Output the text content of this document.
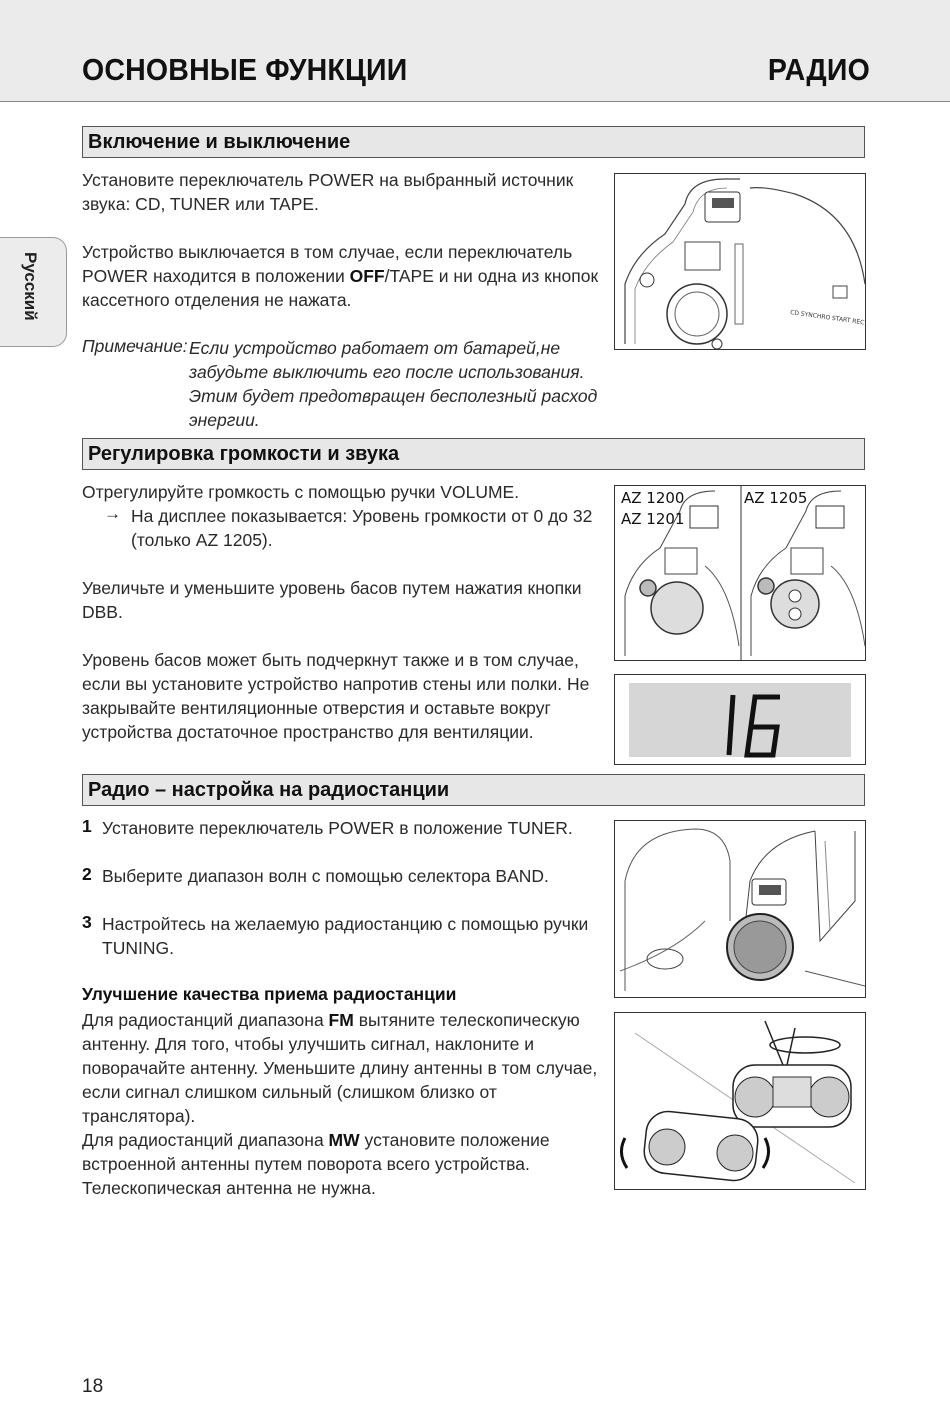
ОСНОВНЫЕ ФУНКЦИИ	РАДИО
Русский
Включение и выключение
Установите переключатель POWER на выбранный источник звука: CD, TUNER или TAPE.
Устройство выключается в том случае, если переключатель POWER находится в положении OFF/TAPE и ни одна из кнопок кассетного отделения не нажата.
Примечание: Если устройство работает от батарей,не забудьте выключить его после использования. Этим будет предотвращен бесполезный расход энергии.
CD SYNCHRO START REC
Регулировка громкости и звука
Отрегулируйте громкость с помощью ручки VOLUME.
→ На дисплее показывается: Уровень громкости от 0 до 32 (только AZ 1205).
Увеличьте и уменьшите уровень басов путем нажатия кнопки DBB.
Уровень басов может быть подчеркнут также и в том случае, если вы установите устройство напротив стены или полки. Не закрывайте вентиляционные отверстия и оставьте вокруг устройства достаточное пространство для вентиляции.
AZ 1200
AZ 1201
AZ 1205
Радио – настройка на радиостанции
1 Установите переключатель POWER в положение TUNER.
2 Выберите диапазон волн с помощью селектора BAND.
3 Настройтесь на желаемую радиостанцию с помощью ручки TUNING.
Улучшение качества приема радиостанции
Для радиостанций диапазона FM вытяните телескопическую антенну. Для того, чтобы улучшить сигнал, наклоните и поворачайте антенну. Уменьшите длину антенны в том случае, если сигнал слишком сильный (слишком близко от транслятора).
Для радиостанций диапазона MW установите положение встроенной антенны путем поворота всего устройства. Телескопическая антенна не нужна.
18
